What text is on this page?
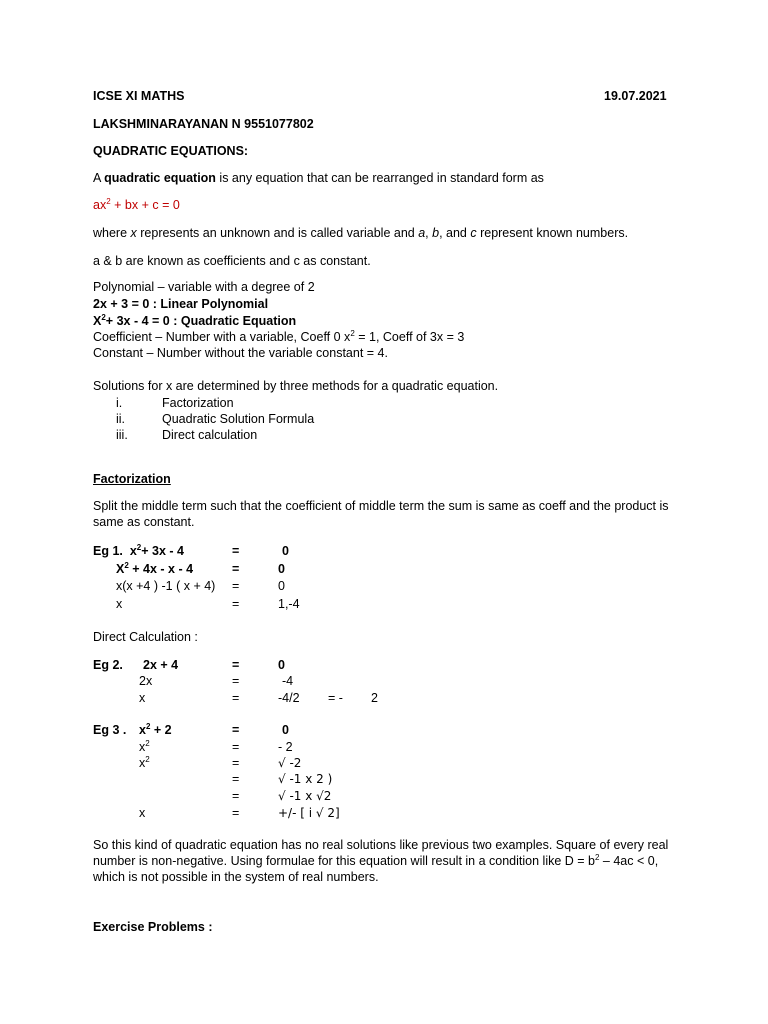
ICSE XI MATHS	19.07.2021
LAKSHMINARAYANAN N 9551077802
QUADRATIC EQUATIONS:
A quadratic equation is any equation that can be rearranged in standard form as
$ax^2$ + bx + c = 0
where x represents an unknown and is called variable and a, b, and c represent known numbers.
a & b are known as coefficients and c as constant.
Polynomial – variable with a degree of 2
2x + 3 = 0 : Linear Polynomial
$X^2+ 3x - 4 = 0$ : Quadratic Equation
Coefficient – Number with a variable, Coeff 0 $x^2 = 1$, Coeff of 3x = 3
Constant – Number without the variable constant = 4.
Solutions for x are determined by three methods for a quadratic equation.
i.	Factorization
ii.	Quadratic Solution Formula
iii.	Direct calculation
Factorization
Split the middle term such that the coefficient of middle term the sum is same as coeff and the product is same as constant.
Eg 1. $x^2+ 3x - 4$	=	0
$X^2 + 4x - x - 4$	=	0
x(x +4 ) -1 ( x + 4) =	0
x	=	1,-4
Direct Calculation :
Eg 2. 2x + 4	=	0
2x	=	-4
x	=	-4/2 = - 2
Eg 3 . $x^2 + 2$	=	0
$x^2$	=	- 2
$x^2$	=	√ -2
=	√ -1 x 2 )
=	√ -1 x √2
x	=	+/- [ i √ 2]
So this kind of quadratic equation has no real solutions like previous two examples. Square of every real number is non-negative. Using formulae for this equation will result in a condition like $D = b^2 - 4ac < 0$, which is not possible in the system of real numbers.
Exercise Problems :
